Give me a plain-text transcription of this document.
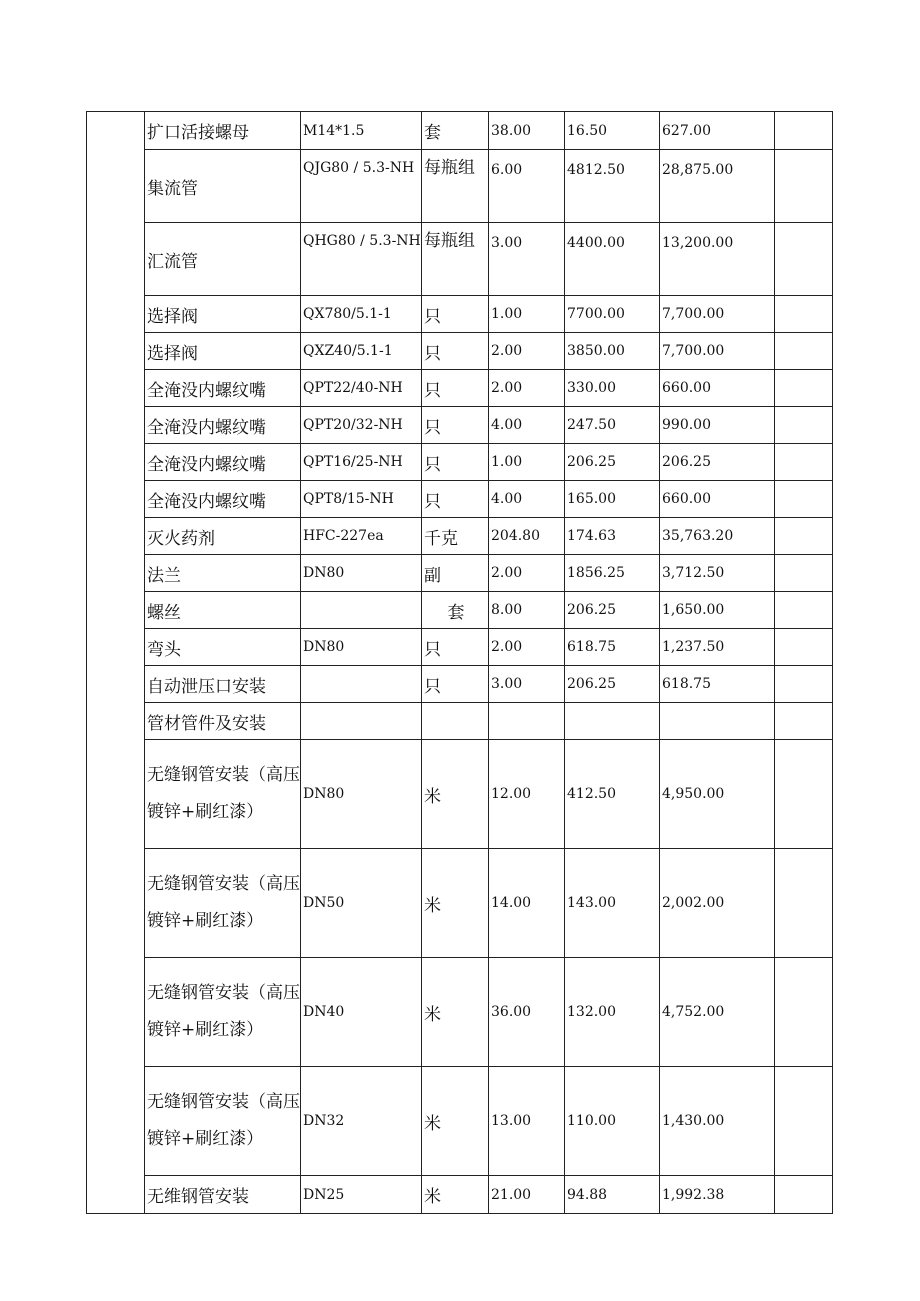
	扩口活接螺母	M14*1.5	套	38.00	16.50	627.00	
	集流管	QJG80 / 5.3-NH	每瓶组	6.00	4812.50	28,875.00	
	汇流管	QHG80 / 5.3-NH	每瓶组	3.00	4400.00	13,200.00	
	选择阀	QX780/5.1-1	只	1.00	7700.00	7,700.00	
	选择阀	QXZ40/5.1-1	只	2.00	3850.00	7,700.00	
	全淹没内螺纹嘴	QPT22/40-NH	只	2.00	330.00	660.00	
	全淹没内螺纹嘴	QPT20/32-NH	只	4.00	247.50	990.00	
	全淹没内螺纹嘴	QPT16/25-NH	只	1.00	206.25	206.25	
	全淹没内螺纹嘴	QPT8/15-NH	只	4.00	165.00	660.00	
	灭火药剂	HFC-227ea	千克	204.80	174.63	35,763.20	
	法兰	DN80	副	2.00	1856.25	3,712.50	
	螺丝		套	8.00	206.25	1,650.00	
	弯头	DN80	只	2.00	618.75	1,237.50	
	自动泄压口安装		只	3.00	206.25	618.75	
	管材管件及安装						
	无缝钢管安装（高压镀锌+刷红漆）	DN80	米	12.00	412.50	4,950.00	
	无缝钢管安装（高压镀锌+刷红漆）	DN50	米	14.00	143.00	2,002.00	
	无缝钢管安装（高压镀锌+刷红漆）	DN40	米	36.00	132.00	4,752.00	
	无缝钢管安装（高压镀锌+刷红漆）	DN32	米	13.00	110.00	1,430.00	
	无维钢管安装	DN25	米	21.00	94.88	1,992.38	
